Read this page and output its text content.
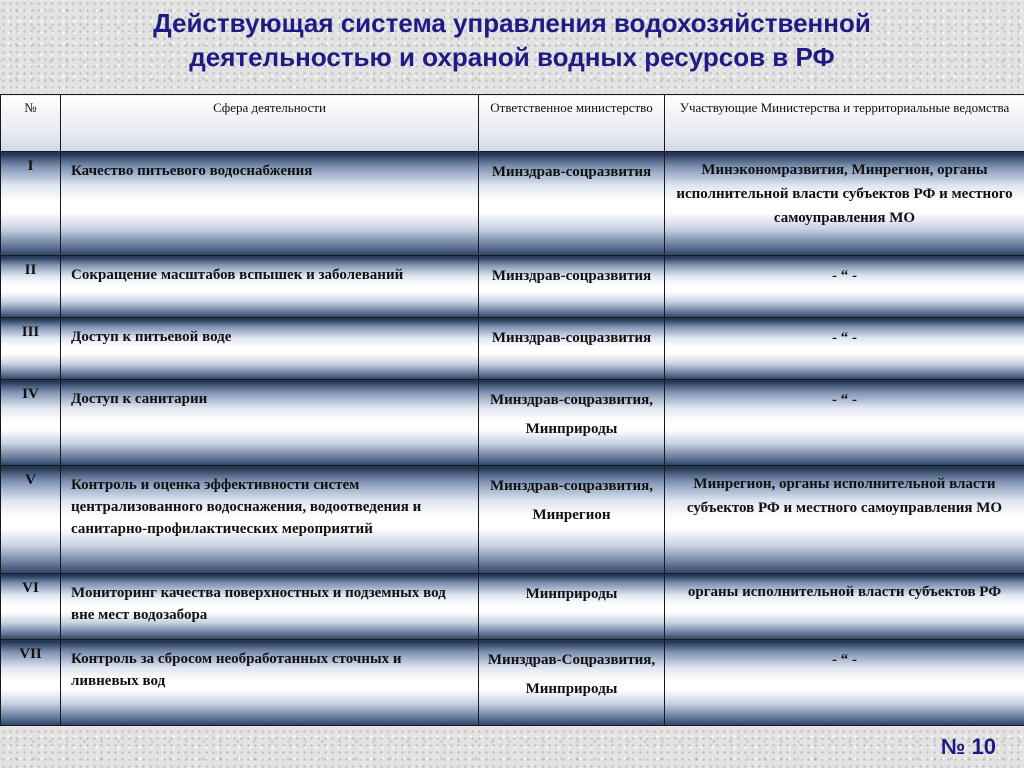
Действующая система управления водохозяйственной
деятельностью и охраной водных ресурсов в РФ
№	Сфера деятельности	Ответственное министерство	Участвующие Министерства и территориальные ведомства
I	Качество питьевого водоснабжения	Минздрав-соцразвития	Минэкономразвития, Минрегион, органы исполнительной власти субъектов РФ и местного самоуправления МО
II	Сокращение масштабов вспышек и заболеваний	Минздрав-соцразвития	- “ -
III	Доступ к питьевой воде	Минздрав-соцразвития	- “ -
IV	Доступ к санитарии	Минздрав-соцразвития, Минприроды	- “ -
V	Контроль и оценка эффективности систем централизованного водоснажения, водоотведения и санитарно-профилактических мероприятий	Минздрав-соцразвития, Минрегион	Минрегион, органы исполнительной власти субъектов РФ и местного самоуправления МО
VI	Мониторинг качества поверхностных и подземных вод вне мест водозабора	Минприроды	органы исполнительной власти субъектов РФ
VII	Контроль за сбросом необработанных сточных и ливневых вод	Минздрав-Соцразвития, Минприроды	- “ -
№ 10
